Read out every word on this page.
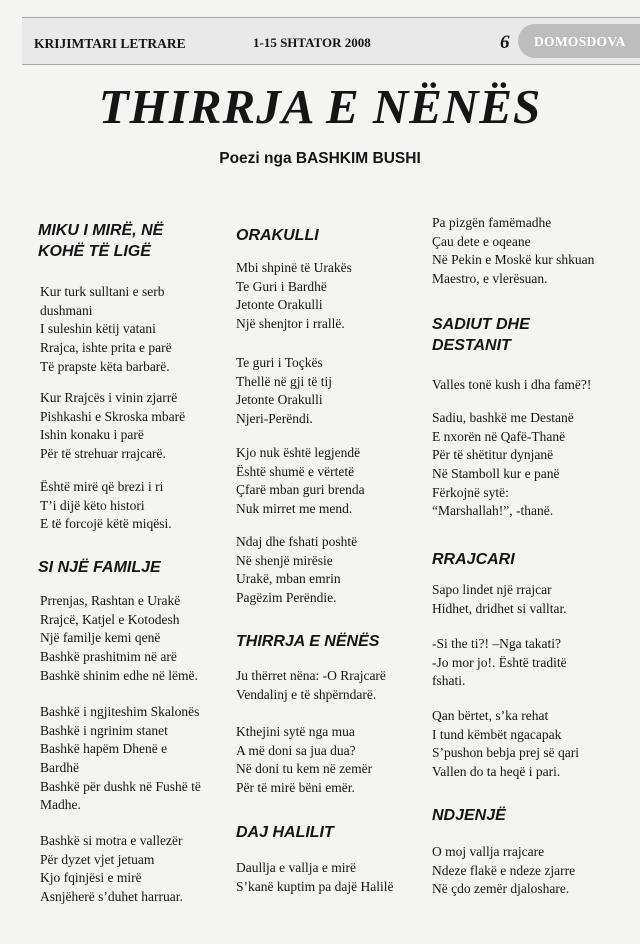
KRIJIMTARI LETRARE	1-15 SHTATOR 2008	6 DOMOSDOVA
THIRRJA E NËNËS
Poezi nga BASHKIM BUSHI

MIKU I MIRË, NË
KOHË TË LIGË

Kur turk sulltani e serb
dushmani
I suleshin këtij vatani
Rrajca, ishte prita e parë
Të prapste këta barbarë.

Kur Rrajcës i vinin zjarrë
Pishkashi e Skroska mbarë
Ishin konaku i parë
Për të strehuar rrajcarë.

Është mirë që brezi i ri
T’i dijë këto histori
E të forcojë këtë miqësi.

SI NJË FAMILJE

Prrenjas, Rashtan e Urakë
Rrajcë, Katjel e Kotodesh
Një familje kemi qenë
Bashkë prashitnim në arë
Bashkë shinim edhe në lëmë.

Bashkë i ngjiteshim Skalonës
Bashkë i ngrinim stanet
Bashkë hapëm Dhenë e
Bardhë
Bashkë për dushk në Fushë të
Madhe.

Bashkë si motra e vallezër
Për dyzet vjet jetuam
Kjo fqinjësi e mirë
Asnjëherë s’duhet harruar.

ORAKULLI

Mbi shpinë të Urakës
Te Guri i Bardhë
Jetonte Orakulli
Një shenjtor i rrallë.

Te guri i Toçkës
Thellë në gji të tij
Jetonte Orakulli
Njeri-Perëndi.

Kjo nuk është legjendë
Është shumë e vërtetë
Çfarë mban guri brenda
Nuk mirret me mend.

Ndaj dhe fshati poshtë
Në shenjë mirësie
Urakë, mban emrin
Pagëzim Perëndie.

THIRRJA E NËNËS

Ju thërret nëna: -O Rrajcarë
Vendalinj e të shpërndarë.

Kthejini sytë nga mua
A më doni sa jua dua?
Në doni tu kem në zemër
Për të mirë bëni emër.

DAJ HALILIT

Daullja e vallja e mirë
S’kanë kuptim pa dajë Halilë

Pa pizgën famëmadhe
Çau dete e oqeane
Në Pekin e Moskë kur shkuan
Maestro, e vlerësuan.

SADIUT DHE
DESTANIT

Valles tonë kush i dha famë?!

Sadiu, bashkë me Destanë
E nxorën në Qafë-Thanë
Për të shëtitur dynjanë
Në Stamboll kur e panë
Fërkojnë sytë:
“Marshallah!”, -thanë.

RRAJCARI

Sapo lindet një rrajcar
Hidhet, dridhet si valltar.

-Si the ti?! –Nga takati?
-Jo mor jo!. Është traditë
fshati.

Qan bërtet, s’ka rehat
I tund këmbët ngacapak
S’pushon bebja prej së qari
Vallen do ta heqë i pari.

NDJENJË

O moj vallja rrajcare
Ndeze flakë e ndeze zjarre
Në çdo zemër djaloshare.
